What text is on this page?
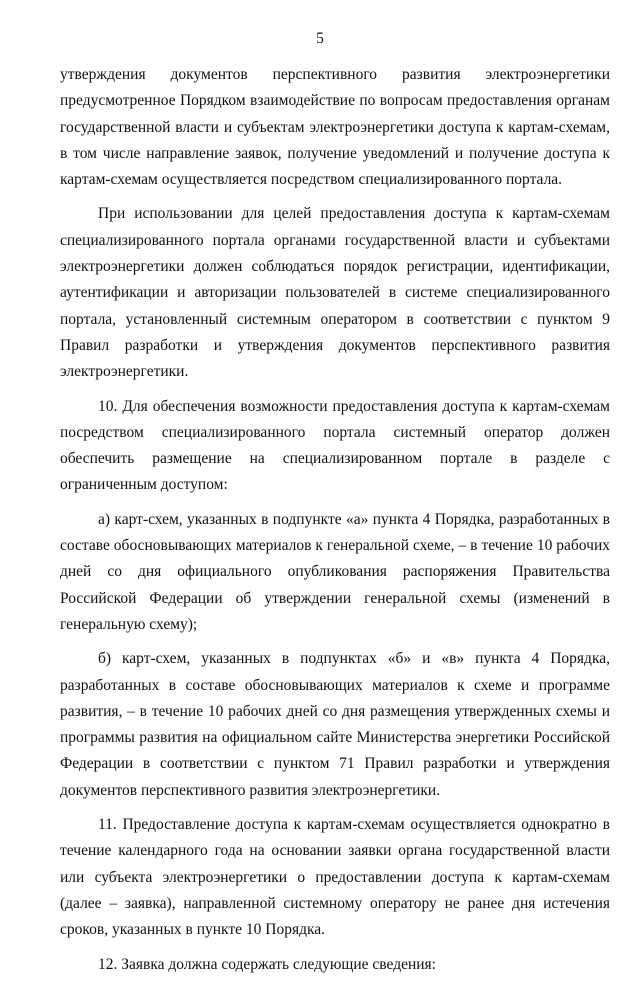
5

утверждения документов перспективного развития электроэнергетики предусмотренное Порядком взаимодействие по вопросам предоставления органам государственной власти и субъектам электроэнергетики доступа к картам-схемам, в том числе направление заявок, получение уведомлений и получение доступа к картам-схемам осуществляется посредством специализированного портала.

При использовании для целей предоставления доступа к картам-схемам специализированного портала органами государственной власти и субъектами электроэнергетики должен соблюдаться порядок регистрации, идентификации, аутентификации и авторизации пользователей в системе специализированного портала, установленный системным оператором в соответствии с пунктом 9 Правил разработки и утверждения документов перспективного развития электроэнергетики.

10. Для обеспечения возможности предоставления доступа к картам-схемам посредством специализированного портала системный оператор должен обеспечить размещение на специализированном портале в разделе с ограниченным доступом:

а) карт-схем, указанных в подпункте «а» пункта 4 Порядка, разработанных в составе обосновывающих материалов к генеральной схеме, – в течение 10 рабочих дней со дня официального опубликования распоряжения Правительства Российской Федерации об утверждении генеральной схемы (изменений в генеральную схему);

б) карт-схем, указанных в подпунктах «б» и «в» пункта 4 Порядка, разработанных в составе обосновывающих материалов к схеме и программе развития, – в течение 10 рабочих дней со дня размещения утвержденных схемы и программы развития на официальном сайте Министерства энергетики Российской Федерации в соответствии с пунктом 71 Правил разработки и утверждения документов перспективного развития электроэнергетики.

11. Предоставление доступа к картам-схемам осуществляется однократно в течение календарного года на основании заявки органа государственной власти или субъекта электроэнергетики о предоставлении доступа к картам-схемам (далее – заявка), направленной системному оператору не ранее дня истечения сроков, указанных в пункте 10 Порядка.

12. Заявка должна содержать следующие сведения:
